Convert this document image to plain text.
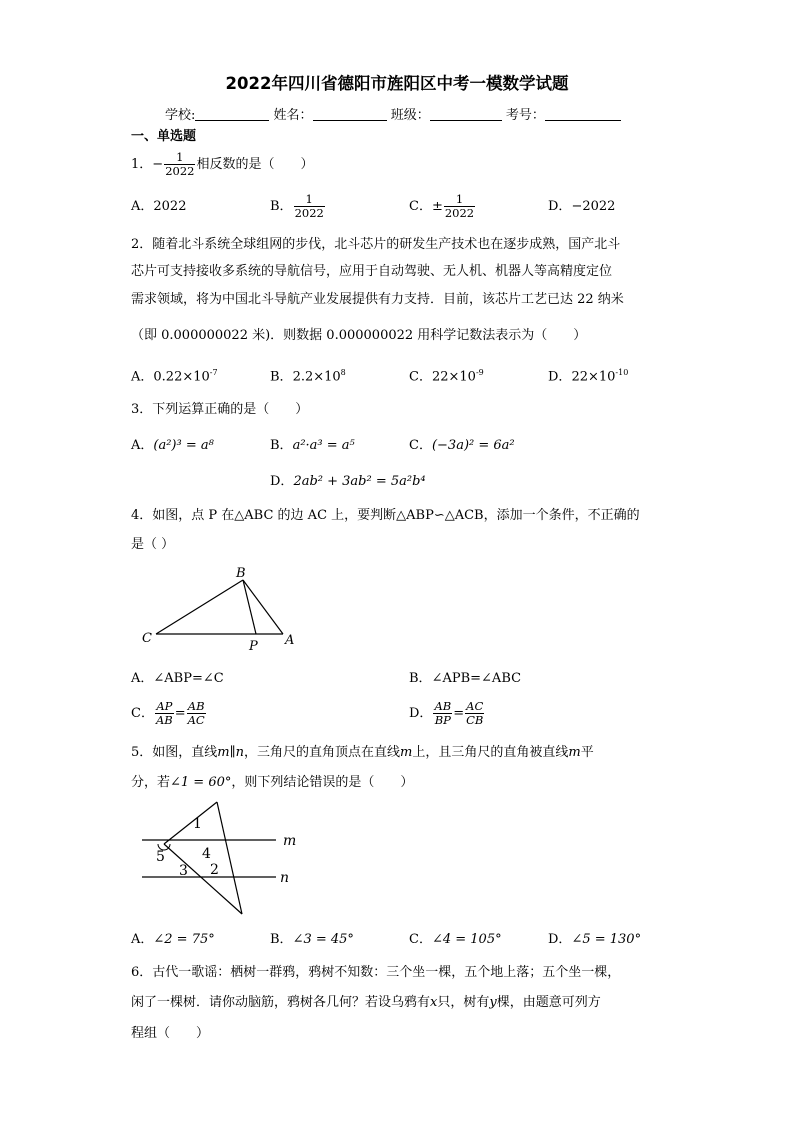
2022年四川省德阳市旌阳区中考一模数学试题
学校:	姓名：	班级：	考号：
一、单选题
1．− $\frac{1}{2022}$ 相反数的是（　　）
A．2022	B． $\frac{1}{2022}$	C．± $\frac{1}{2022}$	D．−2022
2．随着北斗系统全球组网的步伐，北斗芯片的研发生产技术也在逐步成熟，国产北斗
芯片可支持接收多系统的导航信号，应用于自动驾驶、无人机、机器人等高精度定位
需求领域，将为中国北斗导航产业发展提供有力支持．目前，该芯片工艺已达 22 纳米
（即 0.000000022 米)．则数据 0.000000022 用科学记数法表示为（　　）
A．$0.22\times 10^{-7}$	B．$2.2\times 10^8$	C．$22\times 10^{-9}$	D．$22\times 10^{-10}$
3．下列运算正确的是（　　）
A．(a²)³ = a⁸	B．a²·a³ = a⁵	C．(−3a)² = 6a²
D．2ab² + 3ab² = 5a²b⁴
4．如图，点 P 在△ABC 的边 AC 上，要判断△ABP∽△ACB，添加一个条件，不正确的
是（ ）
B
C
P A
A．∠ABP=∠C	B．∠APB=∠ABC
C． $\frac{AP}{AB} = \frac{AB}{AC}$	D． $\frac{AB}{BP} = \frac{AC}{CB}$
5．如图，直线m∥n，三角尺的直角顶点在直线m上，且三角尺的直角被直线m平
分，若∠1 = 60°，则下列结论错误的是（　　）
1
m
5	4
3 2	n
A．∠2 = 75°	B．∠3 = 45°	C．∠4 = 105°	D．∠5 = 130°
6．古代一歌谣：栖树一群鸦，鸦树不知数：三个坐一棵，五个地上落；五个坐一棵，
闲了一棵树．请你动脑筋，鸦树各几何？若设乌鸦有x只，树有y棵，由题意可列方
程组（　　）
